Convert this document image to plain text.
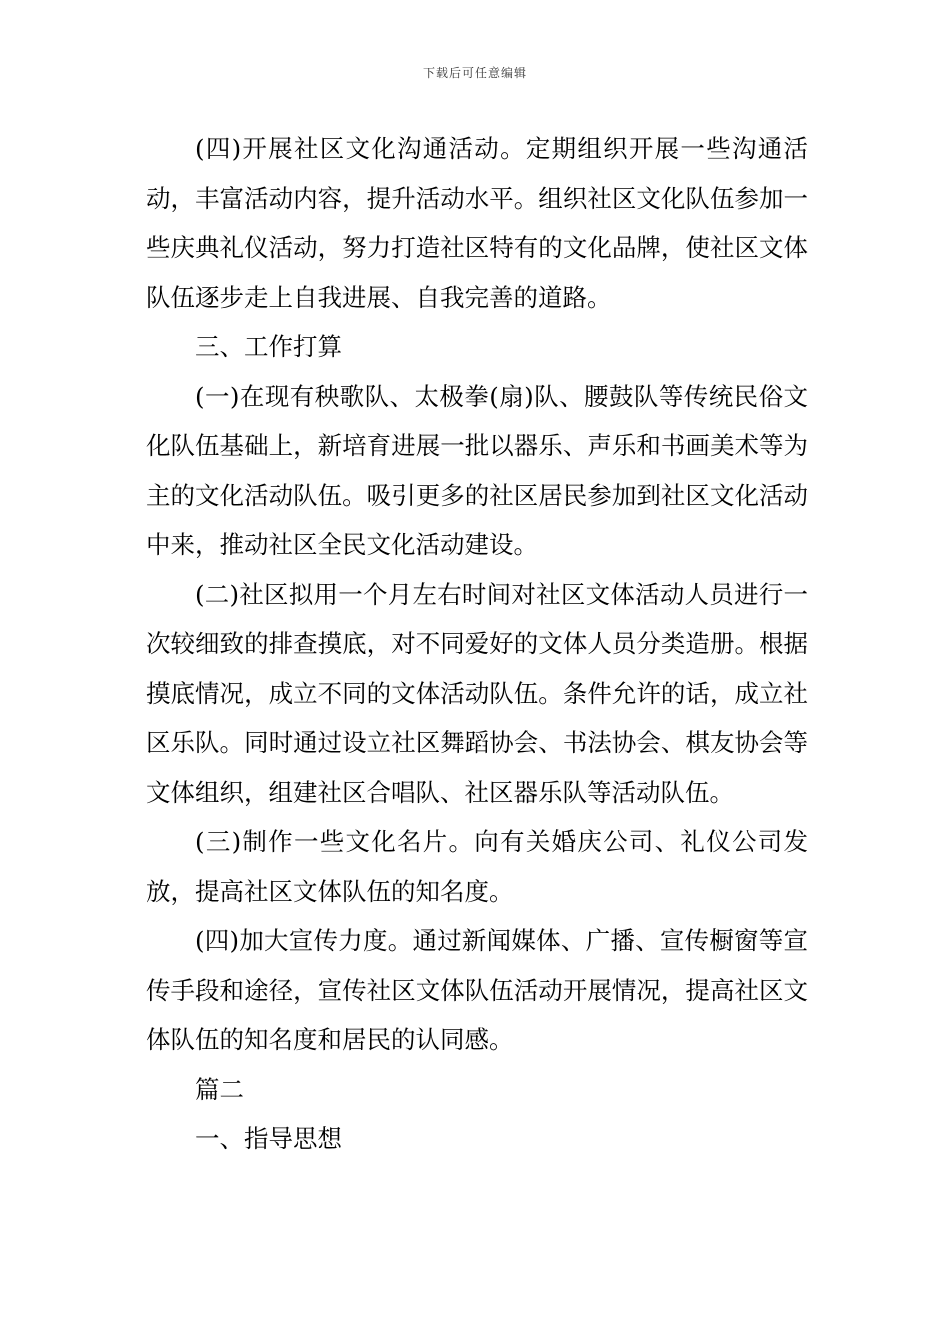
下载后可任意编辑

(四)开展社区文化沟通活动。定期组织开展一些沟通活动，丰富活动内容，提升活动水平。组织社区文化队伍参加一些庆典礼仪活动，努力打造社区特有的文化品牌，使社区文体队伍逐步走上自我进展、自我完善的道路。

三、工作打算

(一)在现有秧歌队、太极拳(扇)队、腰鼓队等传统民俗文化队伍基础上，新培育进展一批以器乐、声乐和书画美术等为主的文化活动队伍。吸引更多的社区居民参加到社区文化活动中来，推动社区全民文化活动建设。

(二)社区拟用一个月左右时间对社区文体活动人员进行一次较细致的排查摸底，对不同爱好的文体人员分类造册。根据摸底情况，成立不同的文体活动队伍。条件允许的话，成立社区乐队。同时通过设立社区舞蹈协会、书法协会、棋友协会等文体组织，组建社区合唱队、社区器乐队等活动队伍。

(三)制作一些文化名片。向有关婚庆公司、礼仪公司发放，提高社区文体队伍的知名度。

(四)加大宣传力度。通过新闻媒体、广播、宣传橱窗等宣传手段和途径，宣传社区文体队伍活动开展情况，提高社区文体队伍的知名度和居民的认同感。

篇二

一、指导思想
